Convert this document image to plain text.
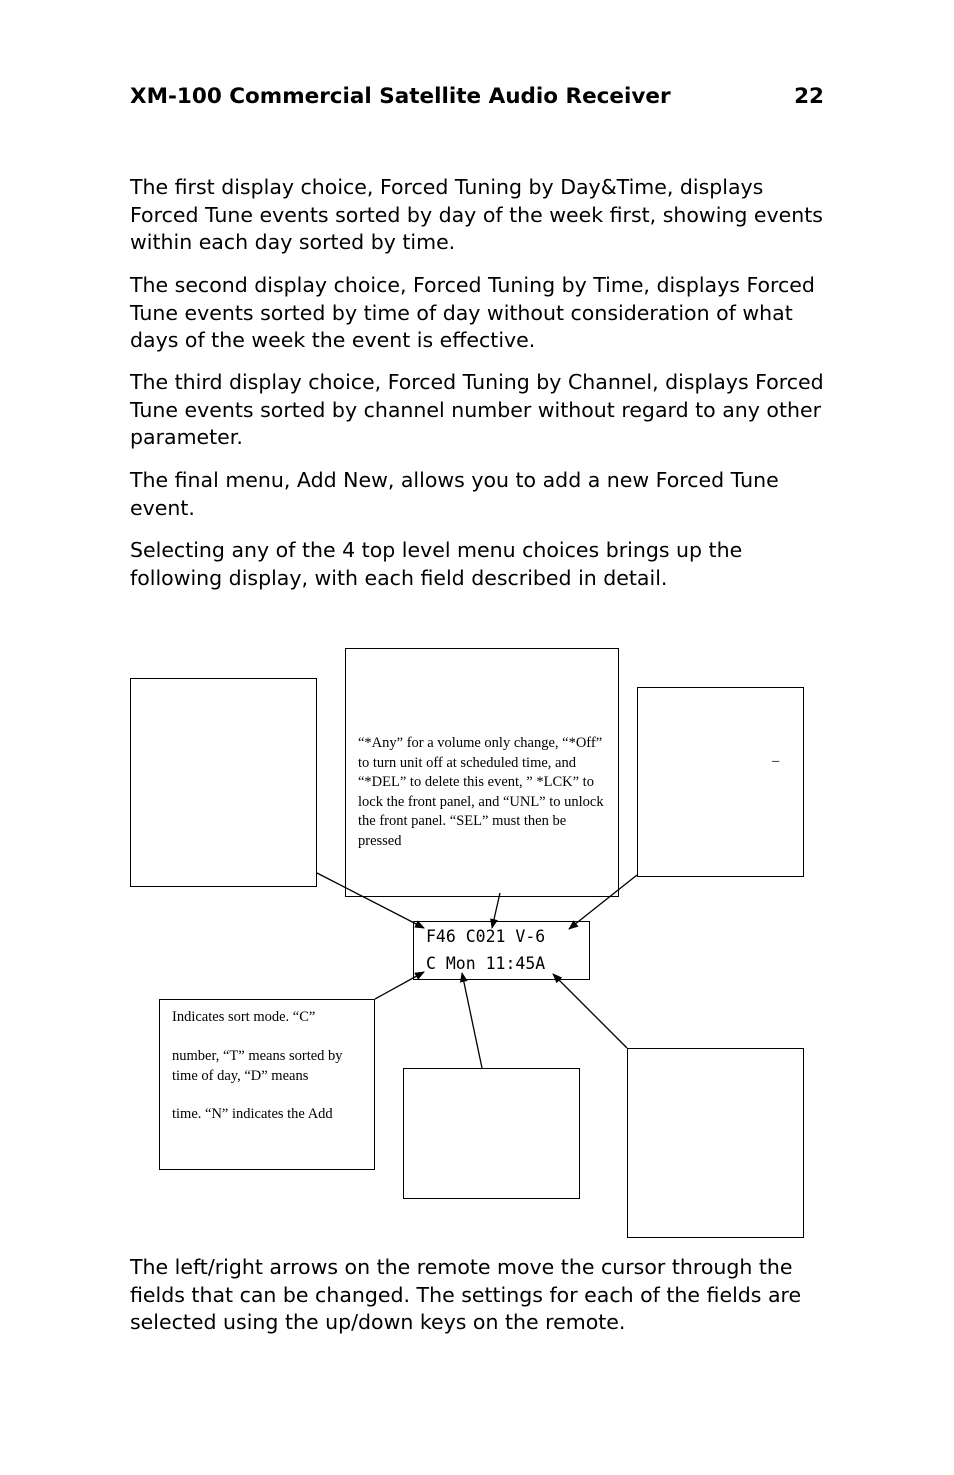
XM-100 Commercial Satellite Audio Receiver	22

The first display choice, Forced Tuning by Day&Time, displays Forced Tune events sorted by day of the week first, showing events within each day sorted by time.

The second display choice, Forced Tuning by Time, displays Forced Tune events sorted by time of day without consideration of what days of the week the event is effective.

The third display choice, Forced Tuning by Channel, displays Forced Tune events sorted by channel number without regard to any other parameter.

The final menu, Add New, allows you to add a new Forced Tune event.

Selecting any of the 4 top level menu choices brings up the following display, with each field described in detail.

“*Any” for a volume only change, “*Off” to turn unit off at scheduled time, and “*DEL” to delete this event, ” *LCK” to lock the front panel, and “UNL” to unlock the front panel. “SEL” must then be pressed

–

Indicates sort mode. “C”

number, “T” means sorted by time of day, “D” means

time. “N” indicates the Add

F46 C021 V-6
C Mon 11:45A

The left/right arrows on the remote move the cursor through the fields that can be changed. The settings for each of the fields are selected using the up/down keys on the remote.
